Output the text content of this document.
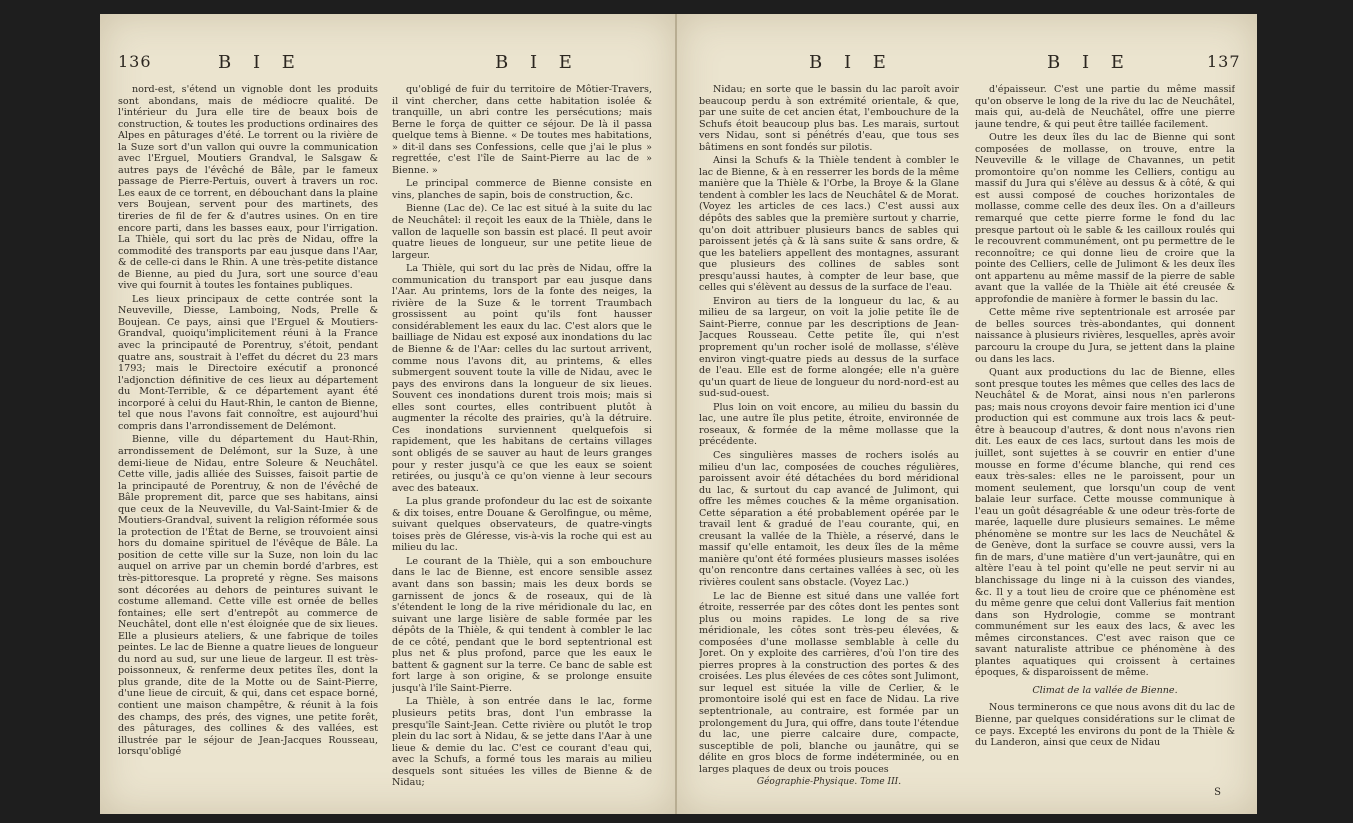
136	B I E	B I E

nord-est, s'étend un vignoble dont les produits sont abondans, mais de médiocre qualité. De l'intérieur du Jura elle tire de beaux bois de construction, & toutes les productions ordinaires des Alpes en pâturages d'été. Le torrent ou la rivière de la Suze sort d'un vallon qui ouvre la communication avec l'Erguel, Moutiers Grandval, le Salsgaw & autres pays de l'évêché de Bâle, par le fameux passage de Pierre-Pertuis, ouvert à travers un roc. Les eaux de ce torrent, en débouchant dans la plaine vers Boujean, servent pour des martinets, des tireries de fil de fer & d'autres usines. On en tire encore parti, dans les basses eaux, pour l'irrigation. La Thièle, qui sort du lac près de Nidau, offre la commodité des transports par eau jusque dans l'Aar, & de celle-ci dans le Rhin. A une très-petite distance de Bienne, au pied du Jura, sort une source d'eau vive qui fournit à toutes les fontaines publiques.

Les lieux principaux de cette contrée sont la Neuveville, Diesse, Lamboing, Nods, Prelle & Boujean. Ce pays, ainsi que l'Erguel & Moutiers-Grandval, quoiqu'implicitement réuni à la France avec la principauté de Porentruy, s'étoit, pendant quatre ans, soustrait à l'effet du décret du 23 mars 1793; mais le Directoire exécutif a prononcé l'adjonction définitive de ces lieux au département du Mont-Terrible, & ce département ayant été incorporé à celui du Haut-Rhin, le canton de Bienne, tel que nous l'avons fait connoître, est aujourd'hui compris dans l'arrondissement de Delémont.

Bienne, ville du département du Haut-Rhin, arrondissement de Delémont, sur la Suze, à une demi-lieue de Nidau, entre Soleure & Neuchâtel. Cette ville, jadis alliée des Suisses, faisoit partie de la principauté de Porentruy, & non de l'évêché de Bâle proprement dit, parce que ses habitans, ainsi que ceux de la Neuveville, du Val-Saint-Imier & de Moutiers-Grandval, suivent la religion réformée sous la protection de l'État de Berne, se trouvoient ainsi hors du domaine spirituel de l'évêque de Bâle. La position de cette ville sur la Suze, non loin du lac auquel on arrive par un chemin bordé d'arbres, est très-pittoresque. La propreté y règne. Ses maisons sont décorées au dehors de peintures suivant le costume allemand. Cette ville est ornée de belles fontaines; elle sert d'entrepôt au commerce de Neuchâtel, dont elle n'est éloignée que de six lieues. Elle a plusieurs ateliers, & une fabrique de toiles peintes. Le lac de Bienne a quatre lieues de longueur du nord au sud, sur une lieue de largeur. Il est très-poissonneux, & renferme deux petites îles, dont la plus grande, dite de la Motte ou de Saint-Pierre, d'une lieue de circuit, & qui, dans cet espace borné, contient une maison champêtre, & réunit à la fois des champs, des prés, des vignes, une petite forêt, des pâturages, des collines & des vallées, est illustrée par le séjour de Jean-Jacques Rousseau, lorsqu'obligé

qu'obligé de fuir du territoire de Môtier-Travers, il vint chercher, dans cette habitation isolée & tranquille, un abri contre les persécutions; mais Berne le força de quitter ce séjour. De là il passa quelque tems à Bienne. « De toutes mes habitations, » dit-il dans ses Confessions, celle que j'ai le plus » regrettée, c'est l'île de Saint-Pierre au lac de » Bienne. »

Le principal commerce de Bienne consiste en vins, planches de sapin, bois de construction, &c.

Bienne (Lac de). Ce lac est situé à la suite du lac de Neuchâtel: il reçoit les eaux de la Thièle, dans le vallon de laquelle son bassin est placé. Il peut avoir quatre lieues de longueur, sur une petite lieue de largeur.

La Thièle, qui sort du lac près de Nidau, offre la communication du transport par eau jusque dans l'Aar. Au printems, lors de la fonte des neiges, la rivière de la Suze & le torrent Traumbach grossissent au point qu'ils font hausser considérablement les eaux du lac. C'est alors que le bailliage de Nidau est exposé aux inondations du lac de Bienne & de l'Aar: celles du lac surtout arrivent, comme nous l'avons dit, au printems, & elles submergent souvent toute la ville de Nidau, avec le pays des environs dans la longueur de six lieues. Souvent ces inondations durent trois mois; mais si elles sont courtes, elles contribuent plutôt à augmenter la récolte des prairies, qu'à la détruire. Ces inondations surviennent quelquefois si rapidement, que les habitans de certains villages sont obligés de se sauver au haut de leurs granges pour y rester jusqu'à ce que les eaux se soient retirées, ou jusqu'à ce qu'on vienne à leur secours avec des bateaux.

La plus grande profondeur du lac est de soixante & dix toises, entre Douane & Gerolfingue, ou même, suivant quelques observateurs, de quatre-vingts toises près de Gléresse, vis-à-vis la roche qui est au milieu du lac.

Le courant de la Thièle, qui a son embouchure dans le lac de Bienne, est encore sensible assez avant dans son bassin; mais les deux bords se garnissent de joncs & de roseaux, qui de là s'étendent le long de la rive méridionale du lac, en suivant une large lisière de sable formée par les dépôts de la Thièle, & qui tendent à combler le lac de ce côté, pendant que le bord septentrional est plus net & plus profond, parce que les eaux le battent & gagnent sur la terre. Ce banc de sable est fort large à son origine, & se prolonge ensuite jusqu'à l'île Saint-Pierre.

La Thièle, à son entrée dans le lac, forme plusieurs petits bras, dont l'un embrasse la presqu'île Saint-Jean. Cette rivière ou plutôt le trop plein du lac sort à Nidau, & se jette dans l'Aar à une lieue & demie du lac. C'est ce courant d'eau qui, avec la Schufs, a formé tous les marais au milieu desquels sont situées les villes de Bienne & de Nidau;

B I E	B I E	137

Nidau; en sorte que le bassin du lac paroît avoir beaucoup perdu à son extrémité orientale, & que, par une suite de cet ancien état, l'embouchure de la Schufs étoit beaucoup plus bas. Les marais, surtout vers Nidau, sont si pénétrés d'eau, que tous ses bâtimens en sont fondés sur pilotis.

Ainsi la Schufs & la Thièle tendent à combler le lac de Bienne, & à en resserrer les bords de la même manière que la Thièle & l'Orbe, la Broye & la Glane tendent à combler les lacs de Neuchâtel & de Morat. (Voyez les articles de ces lacs.) C'est aussi aux dépôts des sables que la première surtout y charrie, qu'on doit attribuer plusieurs bancs de sables qui paroissent jetés çà & là sans suite & sans ordre, & que les bateliers appellent des montagnes, assurant que plusieurs des collines de sables sont presqu'aussi hautes, à compter de leur base, que celles qui s'élèvent au dessus de la surface de l'eau.

Environ au tiers de la longueur du lac, & au milieu de sa largeur, on voit la jolie petite île de Saint-Pierre, connue par les descriptions de Jean-Jacques Rousseau. Cette petite île, qui n'est proprement qu'un rocher isolé de mollasse, s'élève environ vingt-quatre pieds au dessus de la surface de l'eau. Elle est de forme alongée; elle n'a guère qu'un quart de lieue de longueur du nord-nord-est au sud-sud-ouest.

Plus loin on voit encore, au milieu du bassin du lac, une autre île plus petite, étroite, environnée de roseaux, & formée de la même mollasse que la précédente.

Ces singulières masses de rochers isolés au milieu d'un lac, composées de couches régulières, paroissent avoir été détachées du bord méridional du lac, & surtout du cap avancé de Julimont, qui offre les mêmes couches & la même organisation. Cette séparation a été probablement opérée par le travail lent & gradué de l'eau courante, qui, en creusant la vallée de la Thièle, a réservé, dans le massif qu'elle entamoit, les deux îles de la même manière qu'ont été formées plusieurs masses isolées qu'on rencontre dans certaines vallées à sec, où les rivières coulent sans obstacle. (Voyez Lac.)

Le lac de Bienne est situé dans une vallée fort étroite, resserrée par des côtes dont les pentes sont plus ou moins rapides. Le long de sa rive méridionale, les côtes sont très-peu élevées, & composées d'une mollasse semblable à celle du Joret. On y exploite des carrières, d'où l'on tire des pierres propres à la construction des portes & des croisées. Les plus élevées de ces côtes sont Julimont, sur lequel est située la ville de Cerlier, & le promontoire isolé qui est en face de Nidau. La rive septentrionale, au contraire, est formée par un prolongement du Jura, qui offre, dans toute l'étendue du lac, une pierre calcaire dure, compacte, susceptible de poli, blanche ou jaunâtre, qui se délite en gros blocs de forme indéterminée, ou en larges plaques de deux ou trois pouces

Géographie-Physique. Tome III.

d'épaisseur. C'est une partie du même massif qu'on observe le long de la rive du lac de Neuchâtel, mais qui, au-delà de Neuchâtel, offre une pierre jaune tendre, & qui peut être taillée facilement.

Outre les deux îles du lac de Bienne qui sont composées de mollasse, on trouve, entre la Neuveville & le village de Chavannes, un petit promontoire qu'on nomme les Celliers, contigu au massif du Jura qui s'élève au dessus & à côté, & qui est aussi composé de couches horizontales de mollasse, comme celle des deux îles. On a d'ailleurs remarqué que cette pierre forme le fond du lac presque partout où le sable & les cailloux roulés qui le recouvrent communément, ont pu permettre de le reconnoître; ce qui donne lieu de croire que la pointe des Celliers, celle de Julimont & les deux îles ont appartenu au même massif de la pierre de sable avant que la vallée de la Thièle ait été creusée & approfondie de manière à former le bassin du lac.

Cette même rive septentrionale est arrosée par de belles sources très-abondantes, qui donnent naissance à plusieurs rivières, lesquelles, après avoir parcouru la croupe du Jura, se jettent dans la plaine ou dans les lacs.

Quant aux productions du lac de Bienne, elles sont presque toutes les mêmes que celles des lacs de Neuchâtel & de Morat, ainsi nous n'en parlerons pas; mais nous croyons devoir faire mention ici d'une production qui est commune aux trois lacs & peut-être à beaucoup d'autres, & dont nous n'avons rien dit. Les eaux de ces lacs, surtout dans les mois de juillet, sont sujettes à se couvrir en entier d'une mousse en forme d'écume blanche, qui rend ces eaux très-sales: elles ne le paroissent, pour un moment seulement, que lorsqu'un coup de vent balaie leur surface. Cette mousse communique à l'eau un goût désagréable & une odeur très-forte de marée, laquelle dure plusieurs semaines. Le même phénomène se montre sur les lacs de Neuchâtel & de Genève, dont la surface se couvre aussi, vers la fin de mars, d'une matière d'un vert-jaunâtre, qui en altère l'eau à tel point qu'elle ne peut servir ni au blanchissage du linge ni à la cuisson des viandes, &c. Il y a tout lieu de croire que ce phénomène est du même genre que celui dont Vallerius fait mention dans son Hydrologie, comme se montrant communément sur les eaux des lacs, & avec les mêmes circonstances. C'est avec raison que ce savant naturaliste attribue ce phénomène à des plantes aquatiques qui croissent à certaines époques, & disparoissent de même.

Climat de la vallée de Bienne.

Nous terminerons ce que nous avons dit du lac de Bienne, par quelques considérations sur le climat de ce pays. Excepté les environs du pont de la Thièle & du Landeron, ainsi que ceux de Nidau

S
